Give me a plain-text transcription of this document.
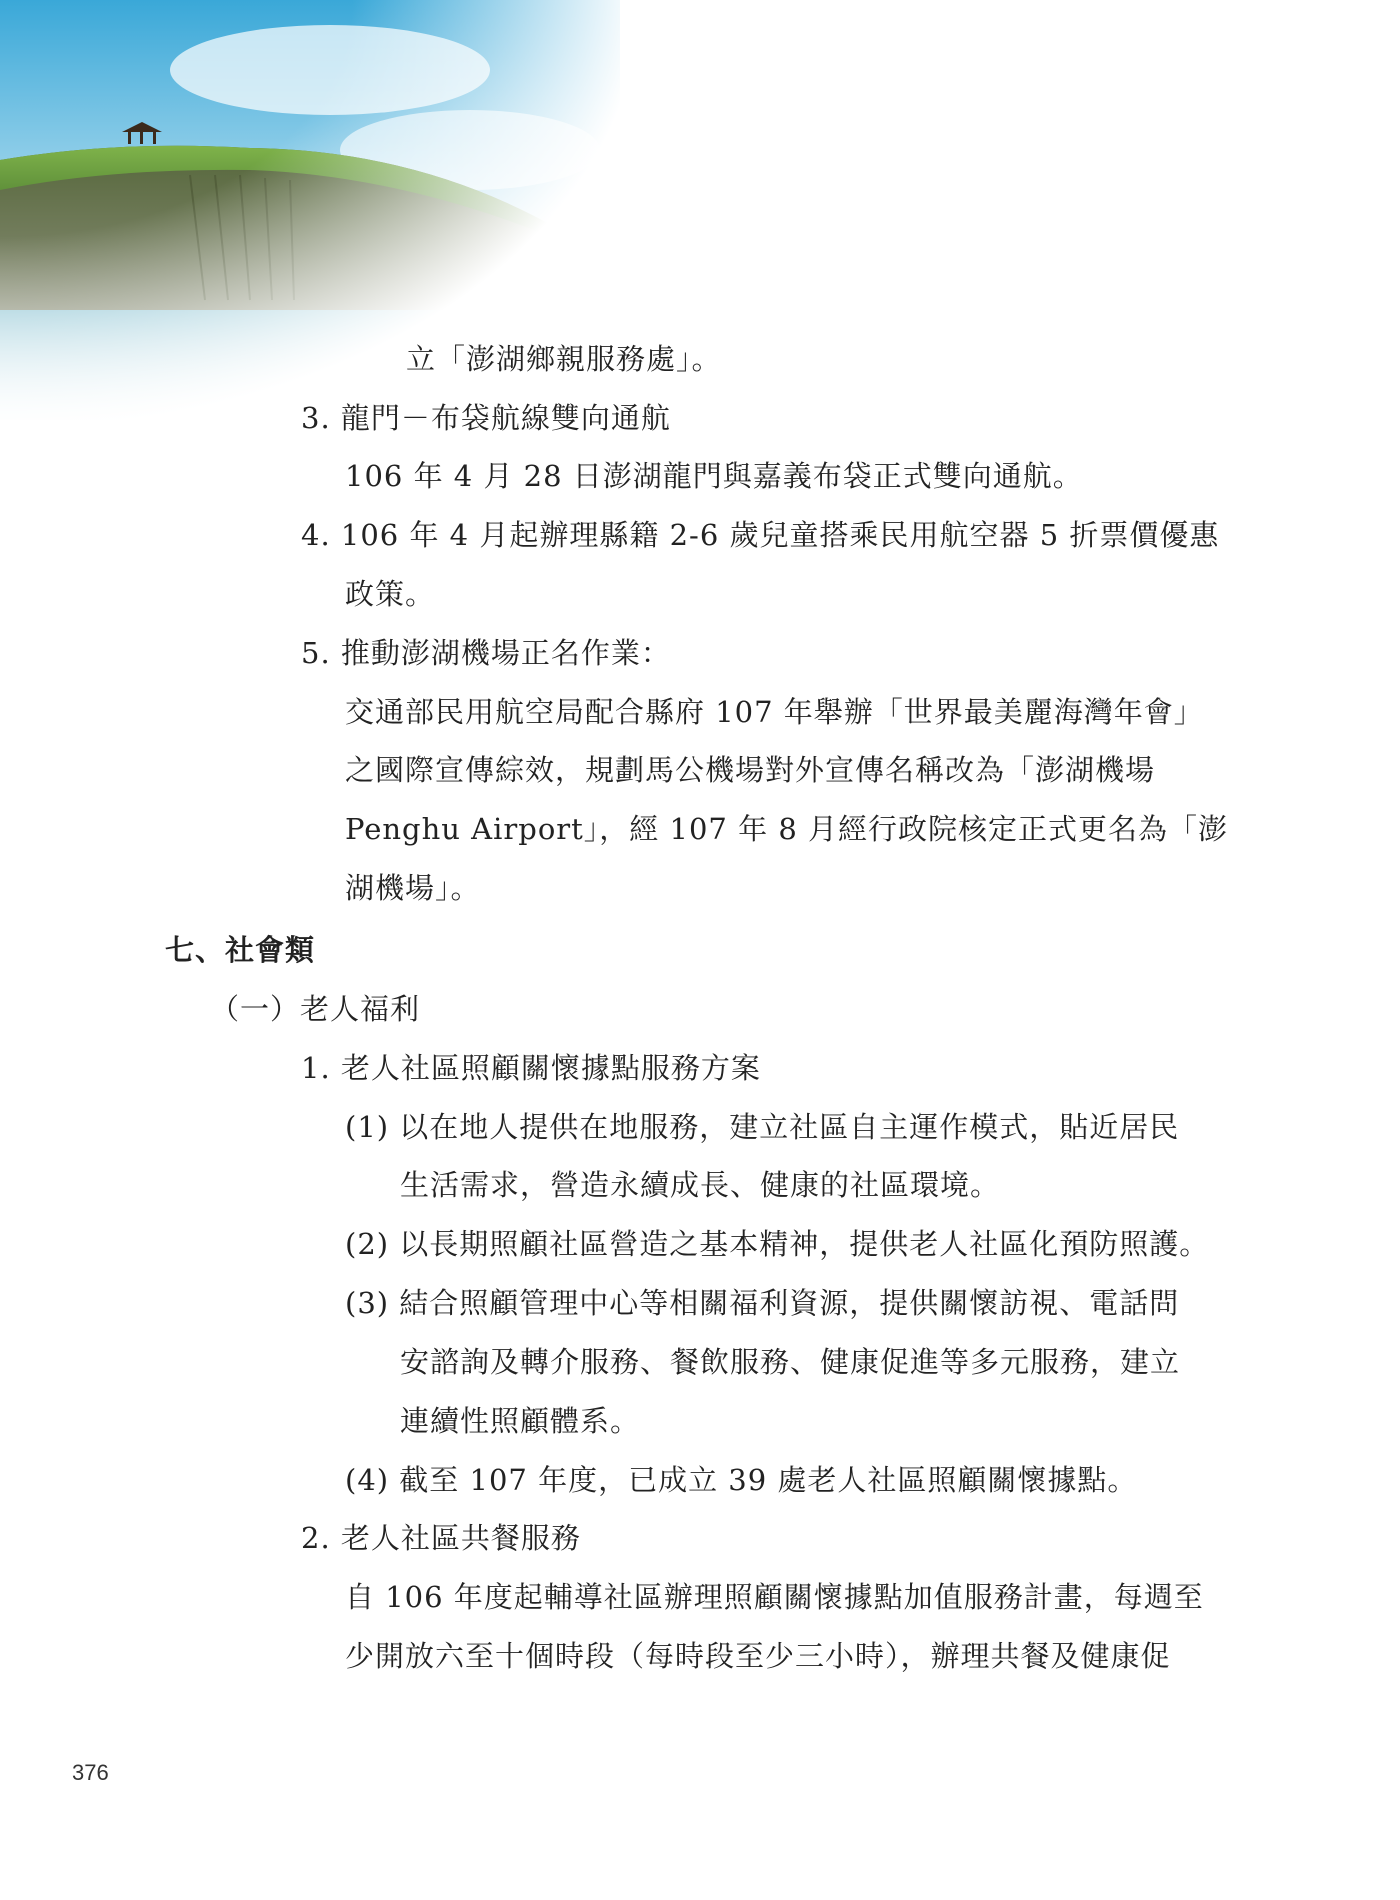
立「澎湖鄉親服務處」。
3. 龍門－布袋航線雙向通航
106 年 4 月 28 日澎湖龍門與嘉義布袋正式雙向通航。
4. 106 年 4 月起辦理縣籍 2-6 歲兒童搭乘民用航空器 5 折票價優惠
政策。
5. 推動澎湖機場正名作業：
交通部民用航空局配合縣府 107 年舉辦「世界最美麗海灣年會」
之國際宣傳綜效，規劃馬公機場對外宣傳名稱改為「澎湖機場
Penghu Airport」，經 107 年 8 月經行政院核定正式更名為「澎
湖機場」。
七、社會類
（一）老人福利
1. 老人社區照顧關懷據點服務方案
(1) 以在地人提供在地服務，建立社區自主運作模式，貼近居民
生活需求，營造永續成長、健康的社區環境。
(2) 以長期照顧社區營造之基本精神，提供老人社區化預防照護。
(3) 結合照顧管理中心等相關福利資源，提供關懷訪視、電話問
安諮詢及轉介服務、餐飲服務、健康促進等多元服務，建立
連續性照顧體系。
(4) 截至 107 年度，已成立 39 處老人社區照顧關懷據點。
2. 老人社區共餐服務
自 106 年度起輔導社區辦理照顧關懷據點加值服務計畫，每週至
少開放六至十個時段（每時段至少三小時），辦理共餐及健康促
376
